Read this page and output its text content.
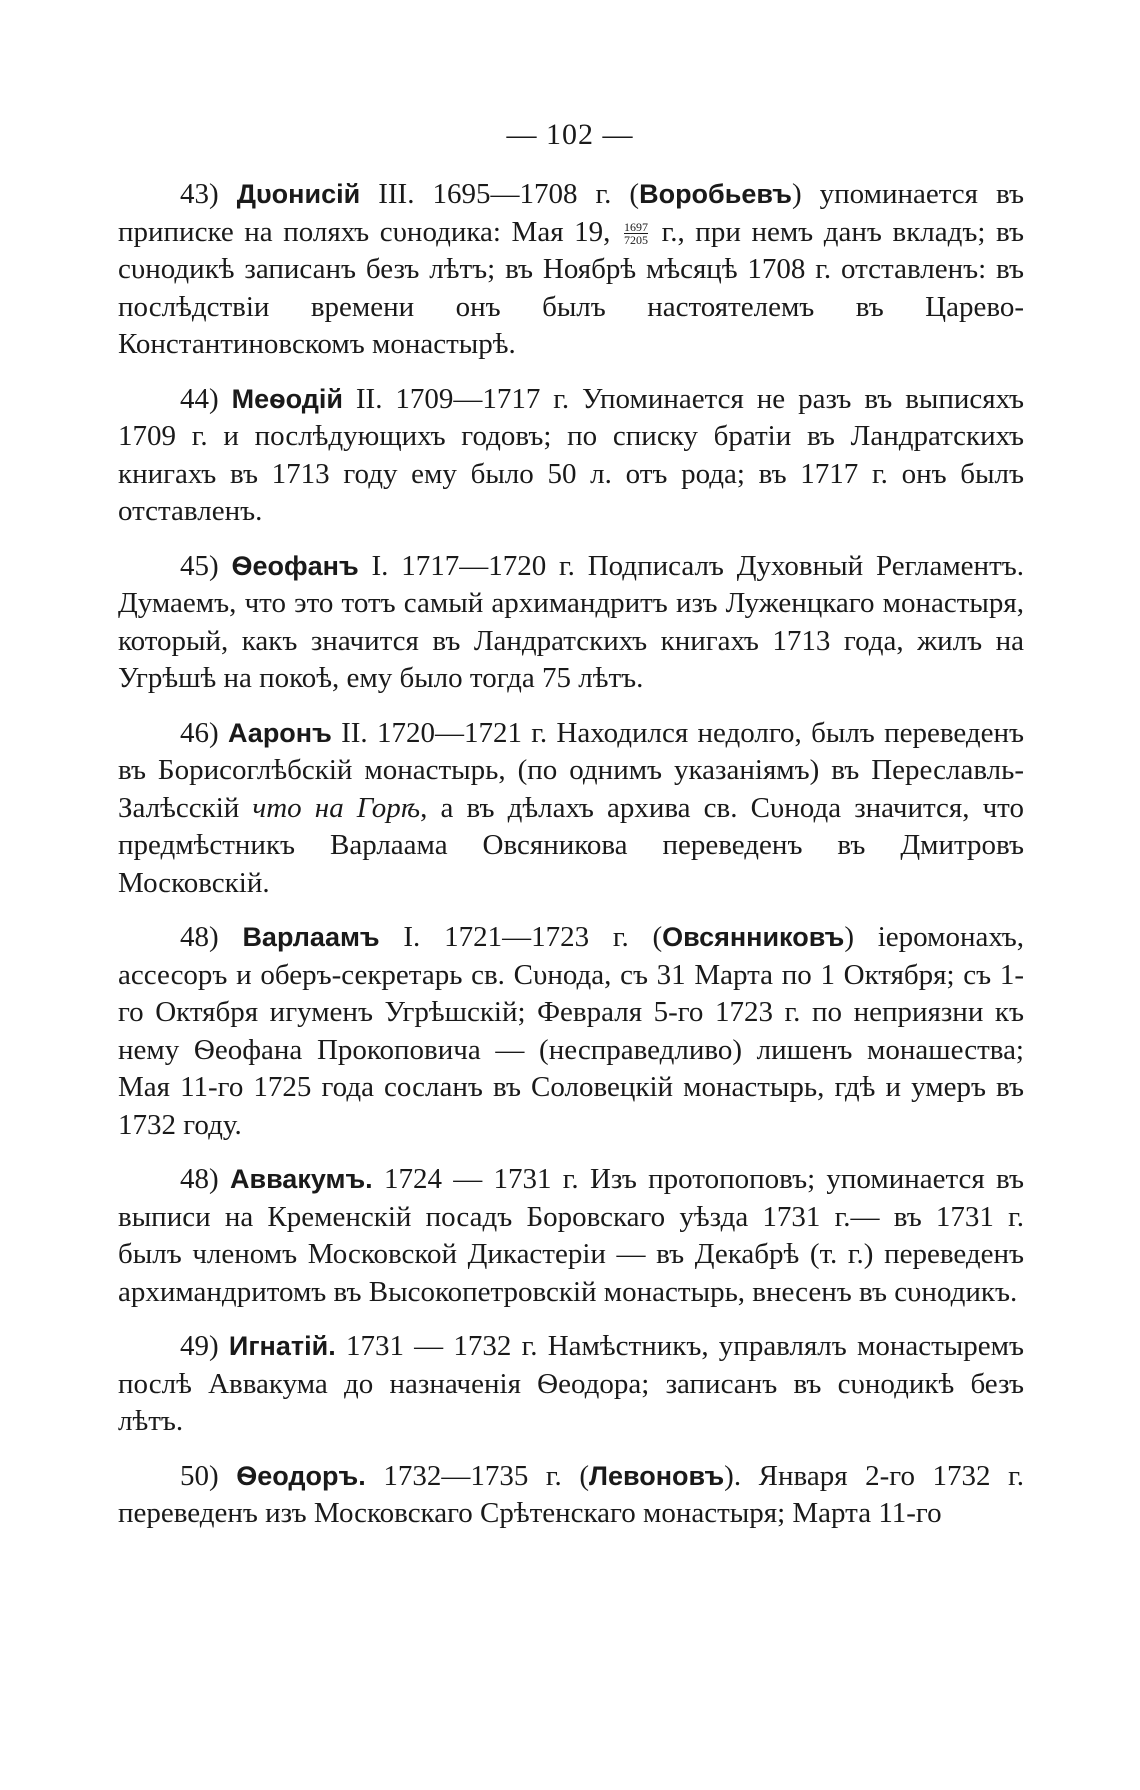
— 102 —

43) Дυонисій III. 1695—1708 г. (Воробьевъ) упоминается въ приписке на поляхъ сυнодика: Мая 19, $\frac{1697}{7205} г$., при немъ данъ вкладъ; въ сυнодикѣ записанъ безъ лѣтъ; въ Ноябрѣ мѣсяцѣ 1708 г. отставленъ: въ послѣдствіи времени онъ былъ настоятелемъ въ Царево-Константиновскомъ монастырѣ.

44) Меѳодій II. 1709—1717 г. Упоминается не разъ въ выписяхъ 1709 г. и послѣдующихъ годовъ; по списку братіи въ Ландратскихъ книгахъ въ 1713 году ему было 50 л. отъ рода; въ 1717 г. онъ былъ отставленъ.

45) Ѳеофанъ I. 1717—1720 г. Подписалъ Духовный Регламентъ. Думаемъ, что это тотъ самый архимандритъ изъ Луженцкаго монастыря, который, какъ значится въ Ландратскихъ книгахъ 1713 года, жилъ на Угрѣшѣ на покоѣ, ему было тогда 75 лѣтъ.

46) Ааронъ II. 1720—1721 г. Находился недолго, былъ переведенъ въ Борисоглѣбскій монастырь, (по однимъ указаніямъ) въ Переславль-Залѣсскій что на Горѣ, а въ дѣлахъ архива св. Сυнода значится, что предмѣстникъ Варлаама Овсяникова переведенъ въ Дмитровъ Московскій.

48) Варлаамъ I. 1721—1723 г. (Овсянниковъ) іеромонахъ, ассесоръ и оберъ-секретарь св. Сυнода, съ 31 Марта по 1 Октября; съ 1-го Октября игуменъ Угрѣшскій; Февраля 5-го 1723 г. по неприязни къ нему Ѳеофана Прокоповича — (несправедливо) лишенъ монашества; Мая 11-го 1725 года сосланъ въ Соловецкій монастырь, гдѣ и умеръ въ 1732 году.

48) Аввакумъ. 1724 — 1731 г. Изъ протопоповъ; упоминается въ выписи на Кременскій посадъ Боровскаго уѣзда 1731 г.— въ 1731 г. былъ членомъ Московской Дикастеріи — въ Декабрѣ (т. г.) переведенъ архимандритомъ въ Высокопетровскій монастырь, внесенъ въ сυнодикъ.

49) Игнатій. 1731 — 1732 г. Намѣстникъ, управлялъ монастыремъ послѣ Аввакума до назначенія Ѳеодора; записанъ въ сυнодикѣ безъ лѣтъ.

50) Ѳеодоръ. 1732—1735 г. (Левоновъ). Января 2-го 1732 г. переведенъ изъ Московскаго Срѣтенскаго монастыря; Марта 11-го
